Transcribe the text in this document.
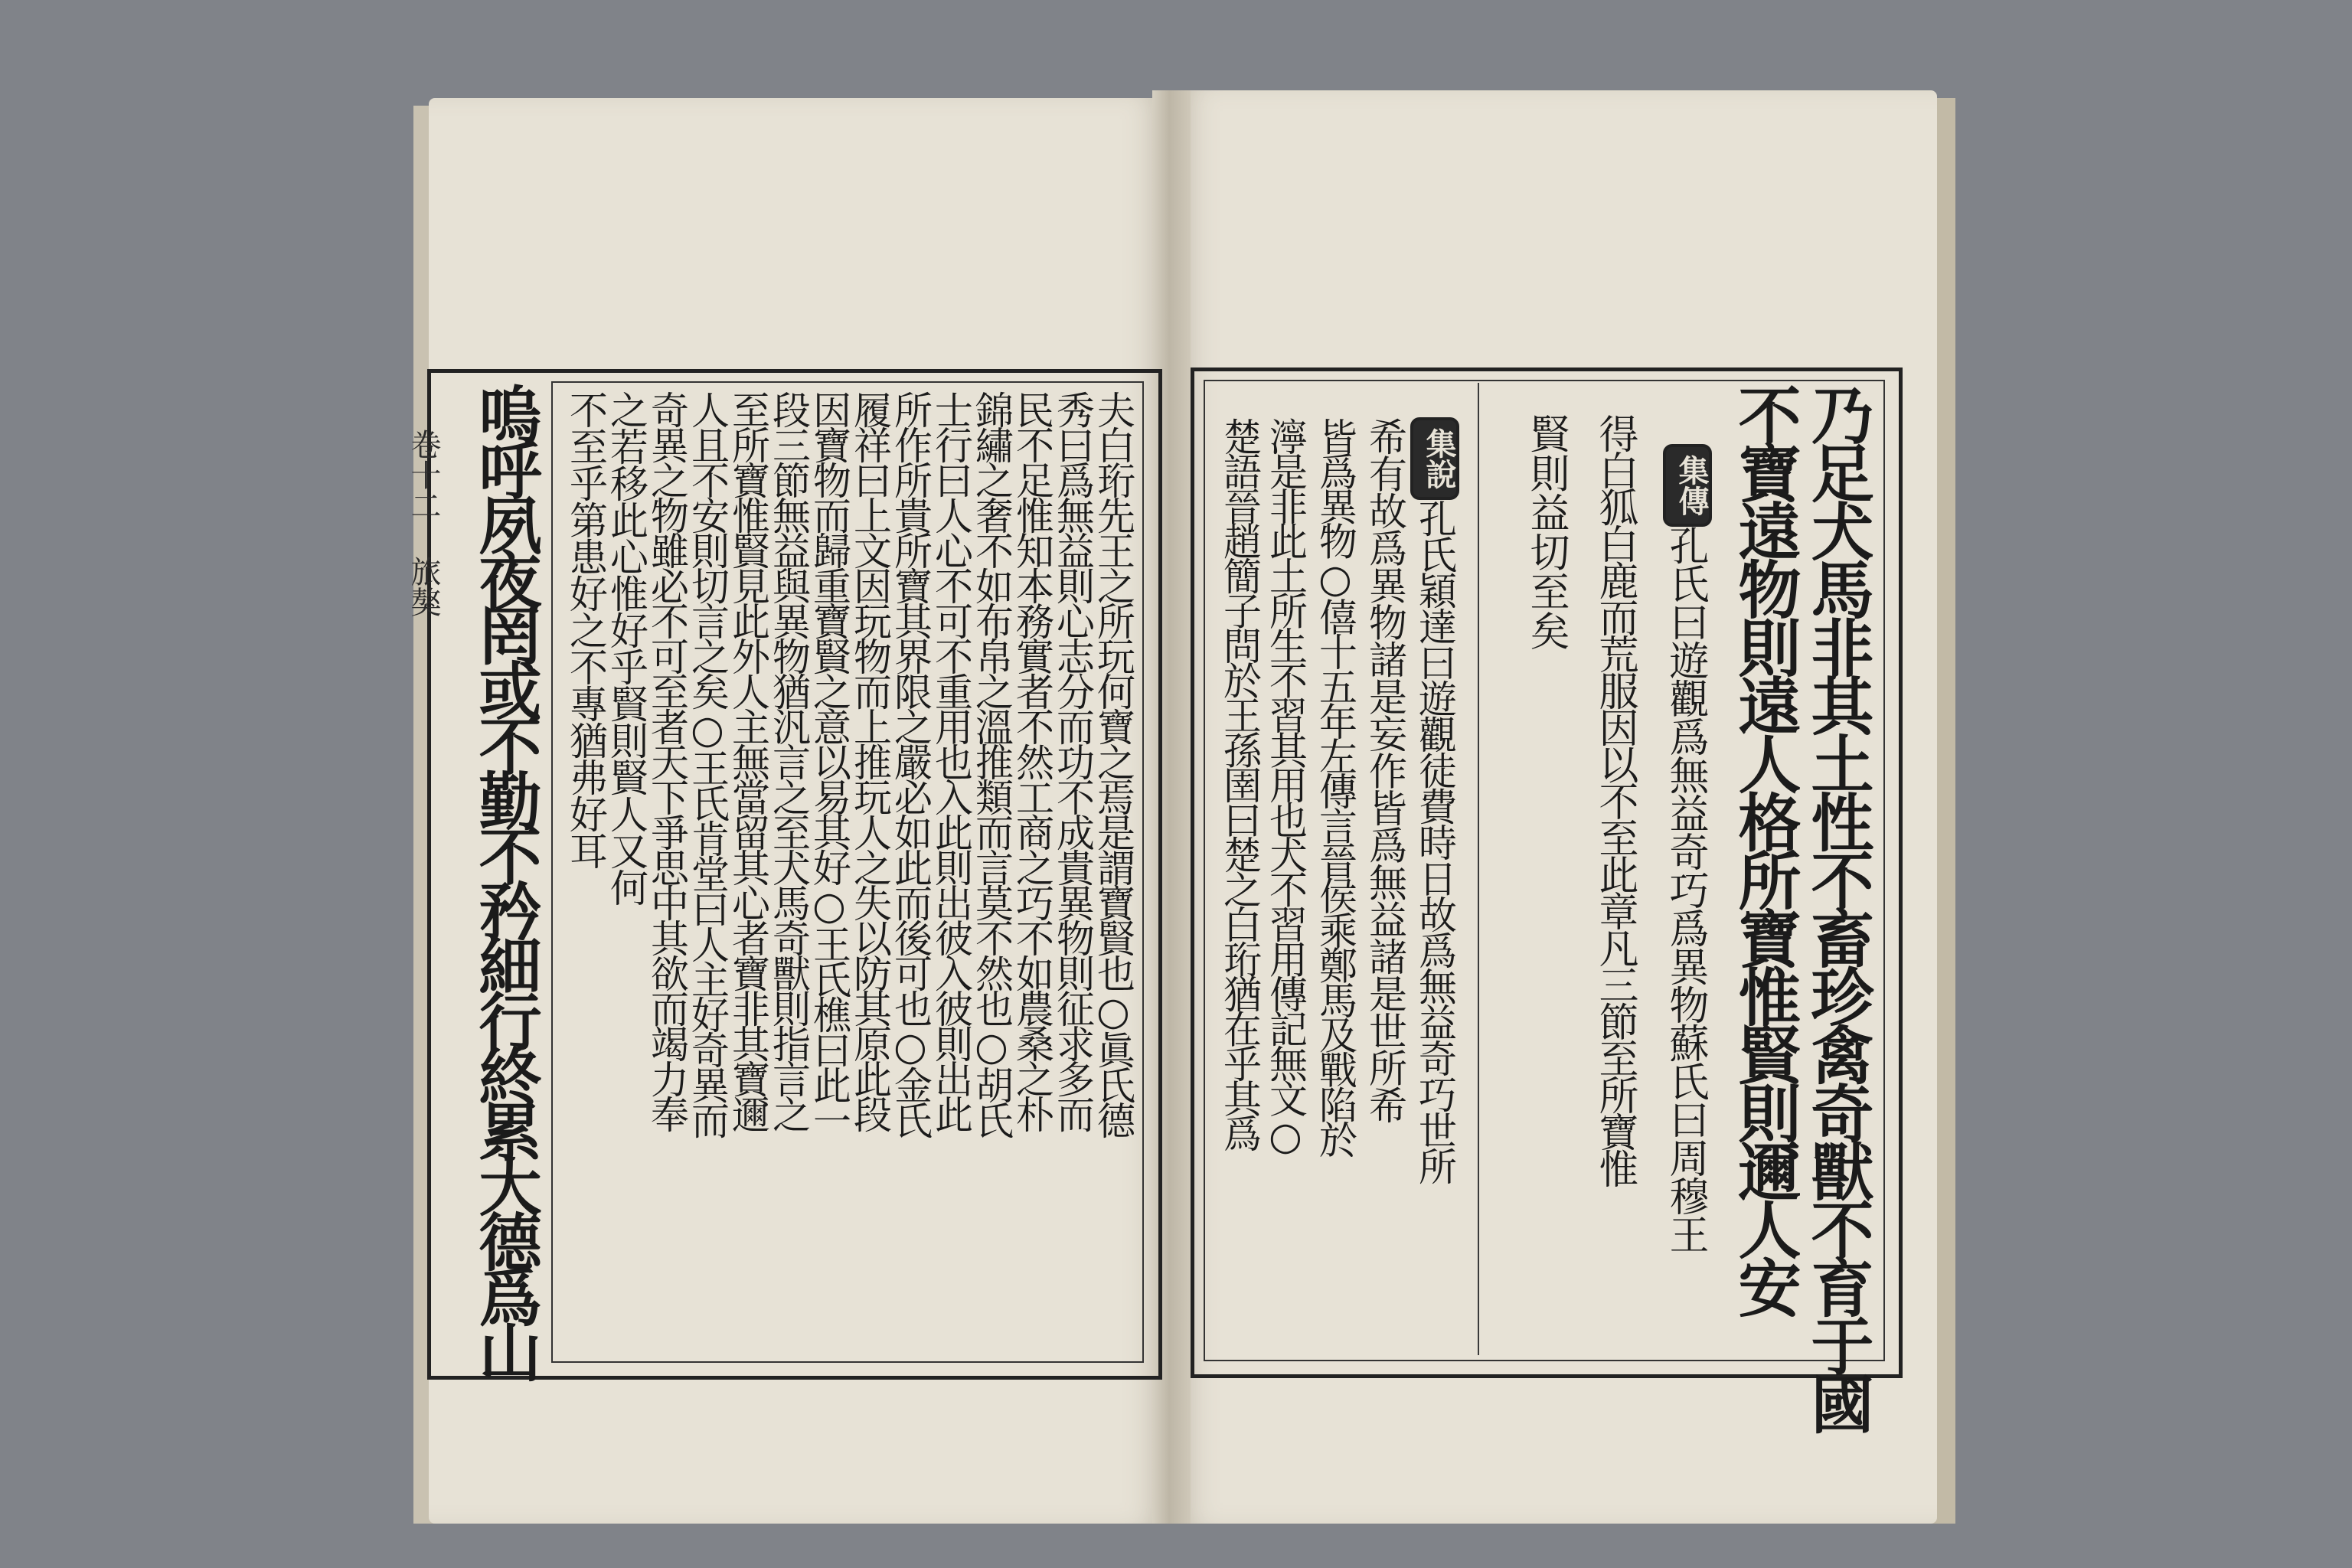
乃足犬馬非其土性不畜珍禽奇獸不育于國
不寶遠物則遠人格所寶惟賢則邇人安
集傳
孔氏曰遊觀爲無益奇巧爲異物蘇氏曰周穆王
得白狐白鹿而荒服因以不至此章凡三節至所寶惟
賢則益切至矣
集說
孔氏穎達曰遊觀徒費時日故爲無益奇巧世所
希有故爲異物諸是妄作皆爲無益諸是世所希
皆爲異物○僖十五年左傳言晉侯乘鄭馬及戰陷於
濘是非此土所生不習其用也犬不習用傳記無文○
楚語晉趙簡子問於王孫圉曰楚之白珩猶在乎其爲
夫白珩先王之所玩何寶之焉是謂寶賢也○眞氏德
秀曰爲無益則心志分而功不成貴異物則征求多而
民不足惟知本務實者不然工商之巧不如農桑之朴
錦繡之奢不如布帛之溫推類而言莫不然也○胡氏
士行曰人心不可不重用也入此則出彼入彼則出此
所作所貴所寶其界限之嚴必如此而後可也○金氏
履祥曰上文因玩物而上推玩人之失以防其原此段
因寶物而歸重寶賢之意以易其好○王氏樵曰此一
段三節無益與異物猶汎言之至犬馬奇獸則指言之
至所寶惟賢見此外人主無當留其心者寶非其寶邇
人且不安則切言之矣○王氏肯堂曰人主好奇異而
奇異之物雖必不可至者天下爭思中其欲而竭力奉
之若移此心惟好乎賢則賢人又何
不至乎第患好之不專猶弗好耳
嗚呼夙夜罔或不勤不矜細行終累大德爲山
卷十二 旅獒
